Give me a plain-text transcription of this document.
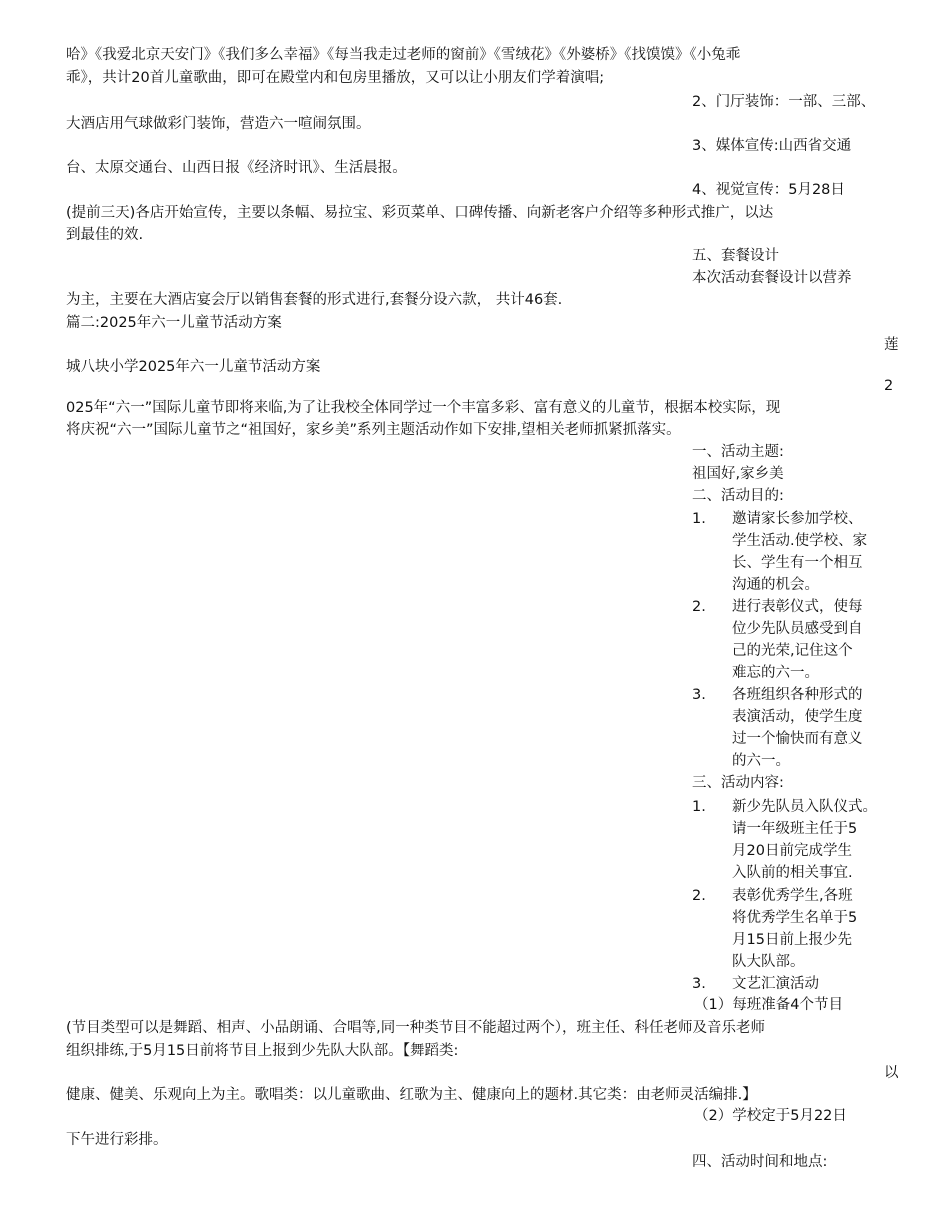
哈》《我爱北京天安门》《我们多么幸福》《每当我走过老师的窗前》《雪绒花》《外婆桥》《找馍馍》《小兔乖
乖》，共计20首儿童歌曲，即可在殿堂内和包房里播放，又可以让小朋友们学着演唱;
2、门厅装饰：一部、三部、
大酒店用气球做彩门装饰，营造六一喧闹氛围。
3、媒体宣传:山西省交通
台、太原交通台、山西日报《经济时讯》、生活晨报。
4、视觉宣传：5月28日
(提前三天)各店开始宣传，主要以条幅、易拉宝、彩页菜单、口碑传播、向新老客户介绍等多种形式推广，以达
到最佳的效.
五、套餐设计
本次活动套餐设计以营养
为主，主要在大酒店宴会厅以销售套餐的形式进行,套餐分设六款， 共计46套.
篇二:2025年六一儿童节活动方案
莲
城八块小学2025年六一儿童节活动方案
2
025年“六一”国际儿童节即将来临,为了让我校全体同学过一个丰富多彩、富有意义的儿童节，根据本校实际，现
将庆祝“六一”国际儿童节之“祖国好，家乡美”系列主题活动作如下安排,望相关老师抓紧抓落实。
一、活动主题:
祖国好,家乡美
二、活动目的:
1. 邀请家长参加学校、
学生活动.使学校、家
长、学生有一个相互
沟通的机会。
2. 进行表彰仪式，使每
位少先队员感受到自
己的光荣,记住这个
难忘的六一。
3. 各班组织各种形式的
表演活动，使学生度
过一个愉快而有意义
的六一。
三、活动内容:
1. 新少先队员入队仪式。
请一年级班主任于5
月20日前完成学生
入队前的相关事宜.
2. 表彰优秀学生,各班
将优秀学生名单于5
月15日前上报少先
队大队部。
3. 文艺汇演活动
（1）每班准备4个节目
(节目类型可以是舞蹈、相声、小品朗诵、合唱等,同一种类节目不能超过两个），班主任、科任老师及音乐老师
组织排练,于5月15日前将节目上报到少先队大队部。【舞蹈类:
以
健康、健美、乐观向上为主。歌唱类：以儿童歌曲、红歌为主、健康向上的题材.其它类：由老师灵活编排.】
（2）学校定于5月22日
下午进行彩排。
四、活动时间和地点:
